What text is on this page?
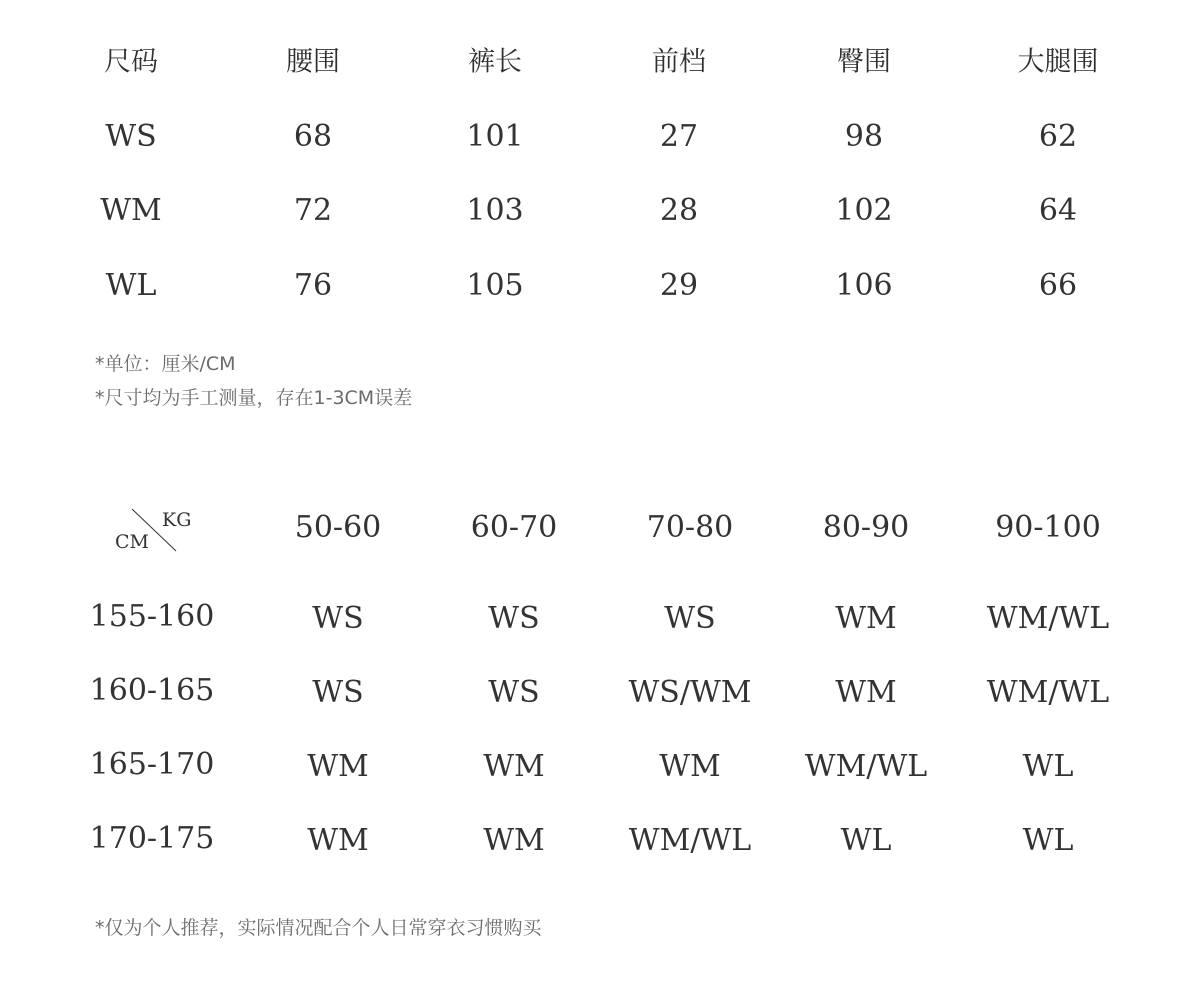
尺码	腰围	裤长	前档	臀围	大腿围
WS	68	101	27	98	62
WM	72	103	28	102	64
WL	76	105	29	106	66
*单位：厘米/CM
*尺寸均为手工测量，存在1-3CM误差
KG
CM	50-60	60-70	70-80	80-90	90-100
155-160	WS	WS	WS	WM	WM/WL
160-165	WS	WS	WS/WM	WM	WM/WL
165-170	WM	WM	WM	WM/WL	WL
170-175	WM	WM	WM/WL	WL	WL
*仅为个人推荐，实际情况配合个人日常穿衣习惯购买
